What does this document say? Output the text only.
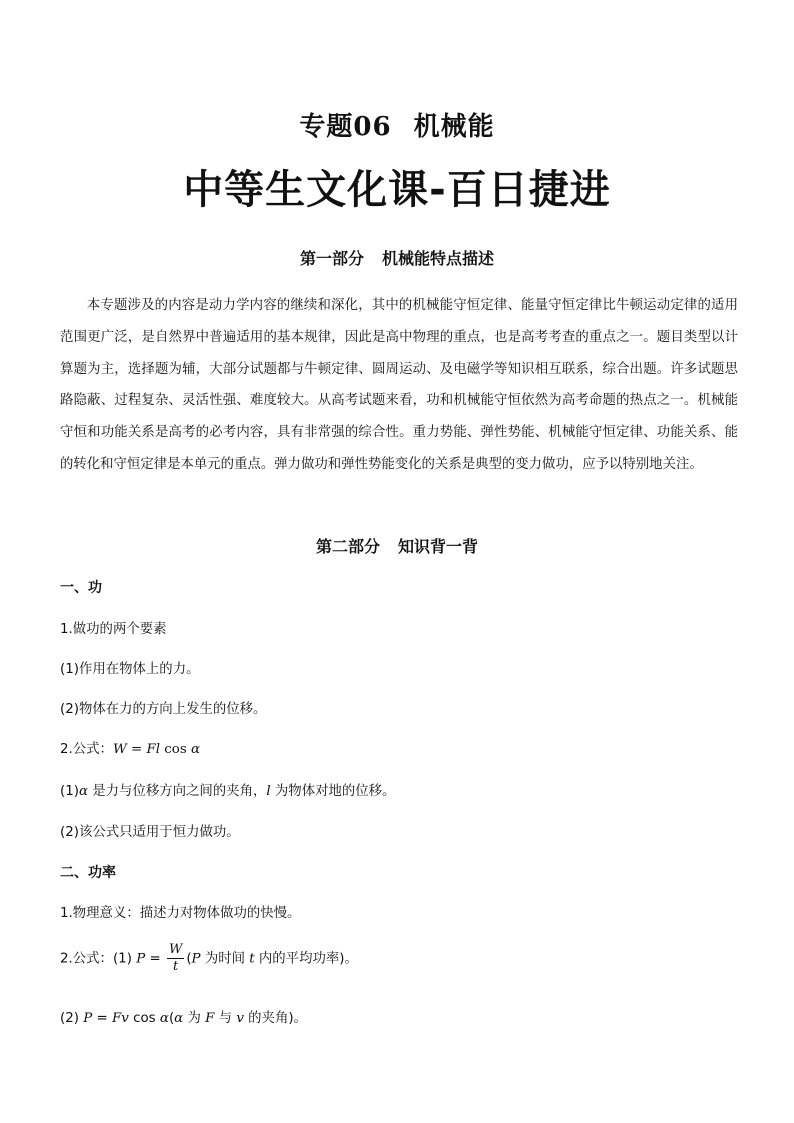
专题06 机械能
中等生文化课-百日捷进
第一部分 机械能特点描述
本专题涉及的内容是动力学内容的继续和深化，其中的机械能守恒定律、能量守恒定律比牛顿运动定律的适用范围更广泛，是自然界中普遍适用的基本规律，因此是高中物理的重点，也是高考考查的重点之一。题目类型以计算题为主，选择题为辅，大部分试题都与牛顿定律、圆周运动、及电磁学等知识相互联系，综合出题。许多试题思路隐蔽、过程复杂、灵活性强、难度较大。从高考试题来看，功和机械能守恒依然为高考命题的热点之一。机械能守恒和功能关系是高考的必考内容，具有非常强的综合性。重力势能、弹性势能、机械能守恒定律、功能关系、能的转化和守恒定律是本单元的重点。弹力做功和弹性势能变化的关系是典型的变力做功，应予以特别地关注。
第二部分 知识背一背
一、功
1.做功的两个要素
(1)作用在物体上的力。
(2)物体在力的方向上发生的位移。
2.公式：W = Fl cos α
(1)α 是力与位移方向之间的夹角，l 为物体对地的位移。
(2)该公式只适用于恒力做功。
二、功率
1.物理意义：描述力对物体做功的快慢。
2.公式：(1) $P = \frac{W}{t} (P$ 为时间 t 内的平均功率)。
(2) P = Fv cos α(α 为 F 与 v 的夹角)。
